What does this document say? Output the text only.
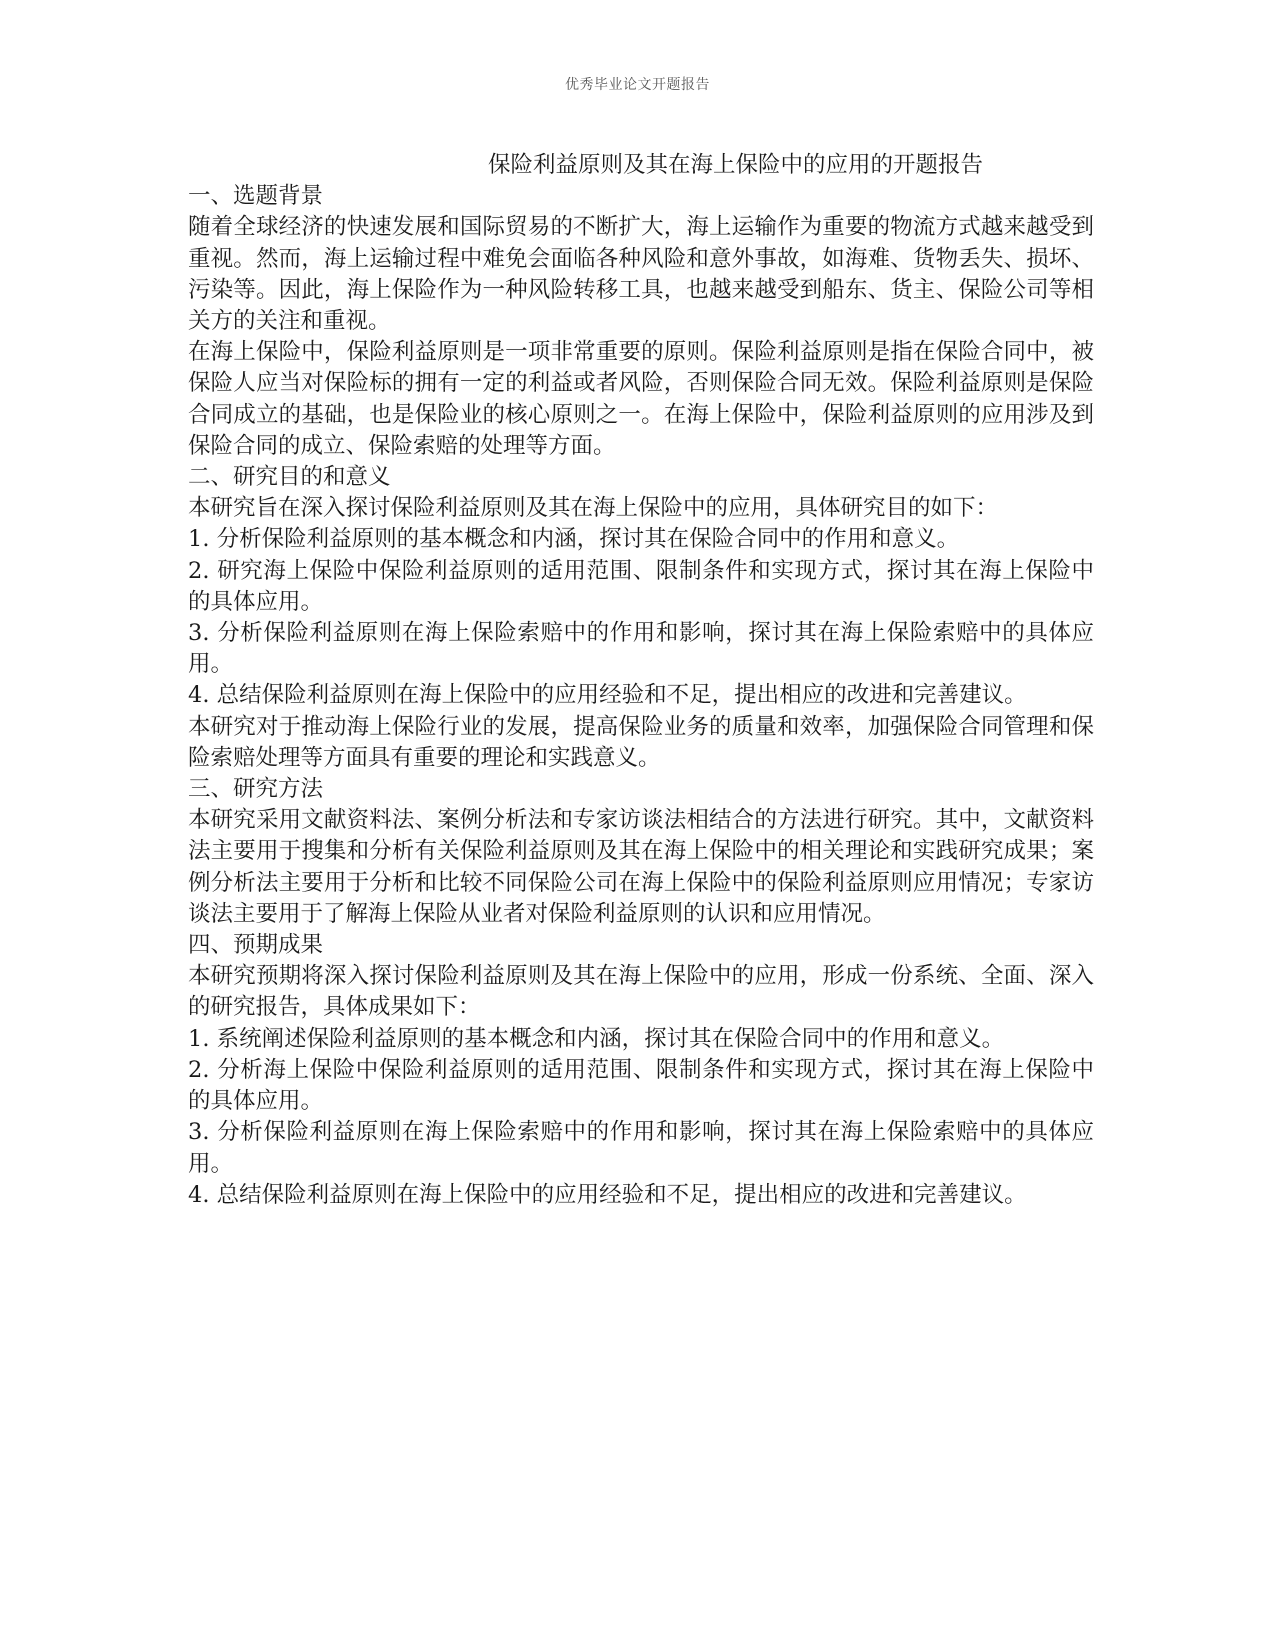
优秀毕业论文开题报告
保险利益原则及其在海上保险中的应用的开题报告

一、选题背景

随着全球经济的快速发展和国际贸易的不断扩大，海上运输作为重要的物流方式越来越受到重视。然而，海上运输过程中难免会面临各种风险和意外事故，如海难、货物丢失、损坏、污染等。因此，海上保险作为一种风险转移工具，也越来越受到船东、货主、保险公司等相关方的关注和重视。

在海上保险中，保险利益原则是一项非常重要的原则。保险利益原则是指在保险合同中，被保险人应当对保险标的拥有一定的利益或者风险，否则保险合同无效。保险利益原则是保险合同成立的基础，也是保险业的核心原则之一。在海上保险中，保险利益原则的应用涉及到保险合同的成立、保险索赔的处理等方面。

二、研究目的和意义

本研究旨在深入探讨保险利益原则及其在海上保险中的应用，具体研究目的如下：

1. 分析保险利益原则的基本概念和内涵，探讨其在保险合同中的作用和意义。

2. 研究海上保险中保险利益原则的适用范围、限制条件和实现方式，探讨其在海上保险中的具体应用。

3. 分析保险利益原则在海上保险索赔中的作用和影响，探讨其在海上保险索赔中的具体应用。

4. 总结保险利益原则在海上保险中的应用经验和不足，提出相应的改进和完善建议。

本研究对于推动海上保险行业的发展，提高保险业务的质量和效率，加强保险合同管理和保险索赔处理等方面具有重要的理论和实践意义。

三、研究方法

本研究采用文献资料法、案例分析法和专家访谈法相结合的方法进行研究。其中，文献资料法主要用于搜集和分析有关保险利益原则及其在海上保险中的相关理论和实践研究成果；案例分析法主要用于分析和比较不同保险公司在海上保险中的保险利益原则应用情况；专家访谈法主要用于了解海上保险从业者对保险利益原则的认识和应用情况。

四、预期成果

本研究预期将深入探讨保险利益原则及其在海上保险中的应用，形成一份系统、全面、深入的研究报告，具体成果如下：

1. 系统阐述保险利益原则的基本概念和内涵，探讨其在保险合同中的作用和意义。

2. 分析海上保险中保险利益原则的适用范围、限制条件和实现方式，探讨其在海上保险中的具体应用。

3. 分析保险利益原则在海上保险索赔中的作用和影响，探讨其在海上保险索赔中的具体应用。

4. 总结保险利益原则在海上保险中的应用经验和不足，提出相应的改进和完善建议。
